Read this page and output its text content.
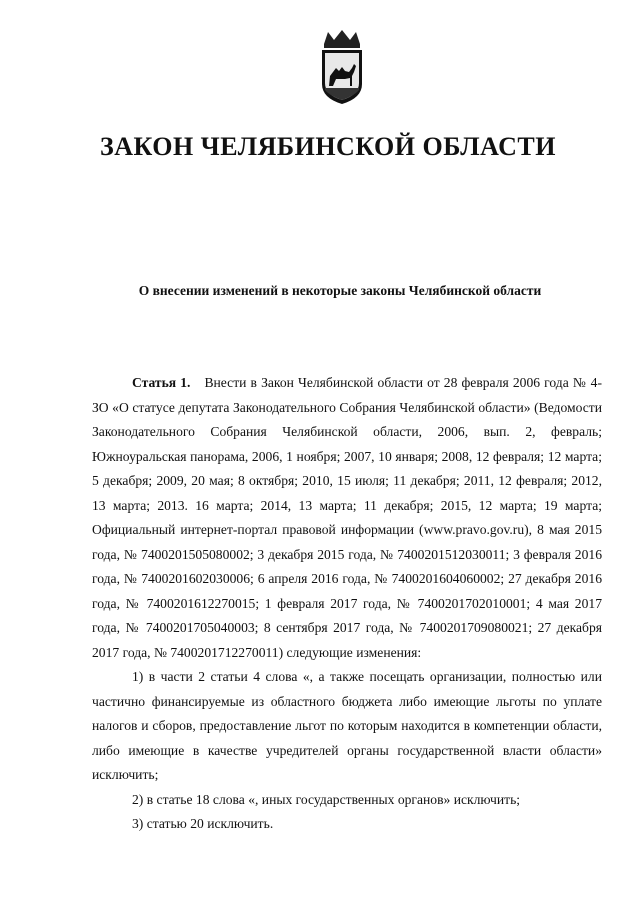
ЗАКОН ЧЕЛЯБИНСКОЙ ОБЛАСТИ
О внесении изменений в некоторые законы Челябинской области

Статья 1. Внести в Закон Челябинской области от 28 февраля 2006 года № 4-ЗО «О статусе депутата Законодательного Собрания Челябинской области» (Ведомости Законодательного Собрания Челябинской области, 2006, вып. 2, февраль; Южноуральская панорама, 2006, 1 ноября; 2007, 10 января; 2008, 12 февраля; 12 марта; 5 декабря; 2009, 20 мая; 8 октября; 2010, 15 июля; 11 декабря; 2011, 12 февраля; 2012, 13 марта; 2013. 16 марта; 2014, 13 марта; 11 декабря; 2015, 12 марта; 19 марта; Официальный интернет-портал правовой информации (www.pravo.gov.ru), 8 мая 2015 года, № 7400201505080002; 3 декабря 2015 года, № 7400201512030011; 3 февраля 2016 года, № 7400201602030006; 6 апреля 2016 года, № 7400201604060002; 27 декабря 2016 года, № 7400201612270015; 1 февраля 2017 года, № 7400201702010001; 4 мая 2017 года, № 7400201705040003; 8 сентября 2017 года, № 7400201709080021; 27 декабря 2017 года, № 7400201712270011) следующие изменения:

1) в части 2 статьи 4 слова «, а также посещать организации, полностью или частично финансируемые из областного бюджета либо имеющие льготы по уплате налогов и сборов, предоставление льгот по которым находится в компетенции области, либо имеющие в качестве учредителей органы государственной власти области» исключить;

2) в статье 18 слова «, иных государственных органов» исключить;

3) статью 20 исключить.
